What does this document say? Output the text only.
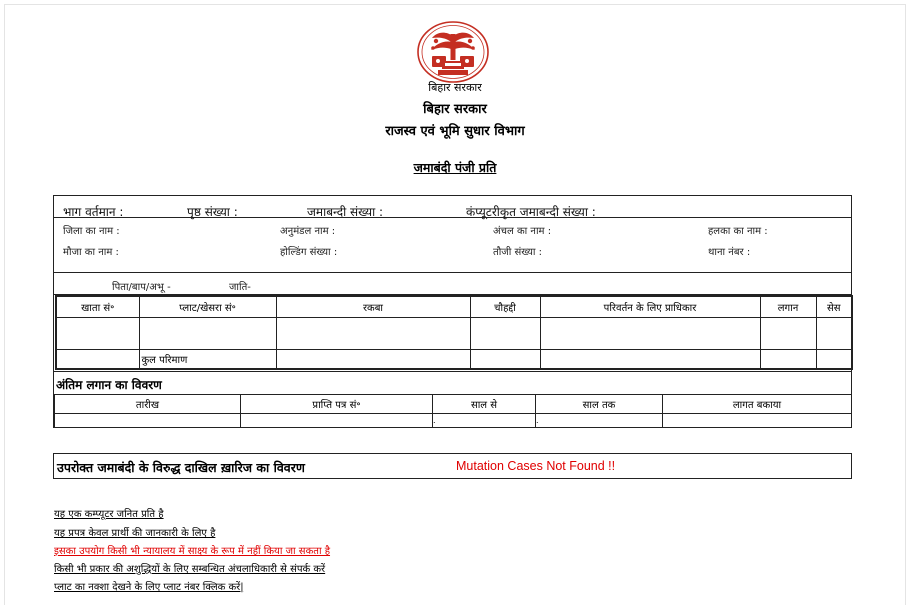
बिहार सरकार
बिहार सरकार
राजस्व एवं भूमि सुधार विभाग
जमाबंदी पंजी प्रति
भाग वर्तमान :	पृष्ठ संख्या :	जमाबन्दी संख्या :	कंप्यूटरीकृत जमाबन्दी संख्या :
जिला का नाम :	अनुमंडल नाम :	अंचल का नाम :	हलका का नाम :
मौजा का नाम :	होल्डिंग संख्या :	तौजी संख्या :	थाना नंबर :
पिता/बाप/अभू -	जाति-
खाता सं॰	प्लाट/खेसरा सं॰	रकबा	चौहद्दी	परिवर्तन के लिए प्राधिकार	लगान	सेस

	कुल परिमाण					
अंतिम लगान का विवरण
तारीख	प्राप्ति पत्र सं॰	साल से	साल तक	लागत बकाया
		.	.	
उपरोक्त जमाबंदी के विरुद्ध दाखिल ख़ारिज का विवरण	Mutation Cases Not Found !!
यह एक कम्प्यूटर जनित प्रति है
यह प्रपत्र केवल प्रार्थी की जानकारी के लिए है
इसका उपयोग किसी भी न्यायालय में साक्ष्य के रूप में नहीं किया जा सकता है
किसी भी प्रकार की अशुद्धियों के लिए सम्बन्धित अंचलाधिकारी से संपर्क करें
प्लाट का नक्शा देखने के लिए प्लाट नंबर क्लिक करें|
